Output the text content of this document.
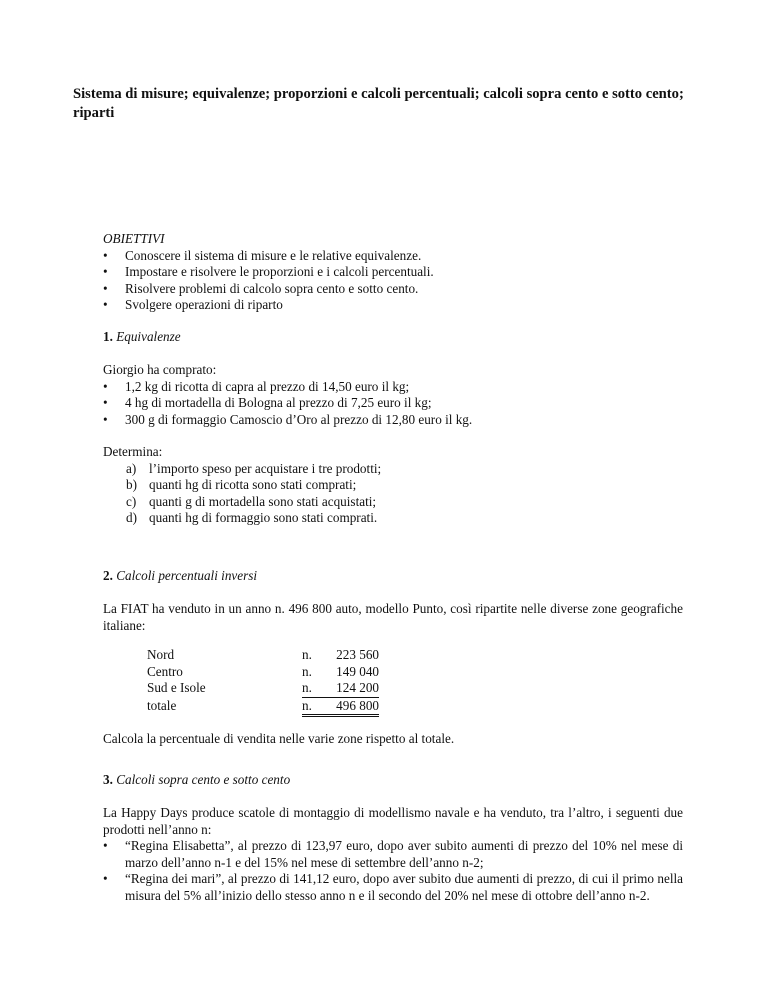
Sistema di misure; equivalenze; proporzioni e calcoli percentuali; calcoli sopra cento e sotto cento; riparti
OBIETTIVI
• Conoscere il sistema di misure e le relative equivalenze.
• Impostare e risolvere le proporzioni e i calcoli percentuali.
• Risolvere problemi di calcolo sopra cento e sotto cento.
• Svolgere operazioni di riparto
1. Equivalenze
Giorgio ha comprato:
• 1,2 kg di ricotta di capra al prezzo di 14,50 euro il kg;
• 4 hg di mortadella di Bologna al prezzo di 7,25 euro il kg;
• 300 g di formaggio Camoscio d’Oro al prezzo di 12,80 euro il kg.
Determina:
a) l’importo speso per acquistare i tre prodotti;
b) quanti hg di ricotta sono stati comprati;
c) quanti g di mortadella sono stati acquistati;
d) quanti hg di formaggio sono stati comprati.
2. Calcoli percentuali inversi
La FIAT ha venduto in un anno n. 496 800 auto, modello Punto, così ripartite nelle diverse zone geografiche italiane:
Nord	n.	223 560
Centro	n.	149 040
Sud e Isole	n.	124 200
totale	n.	496 800
Calcola la percentuale di vendita nelle varie zone rispetto al totale.
3. Calcoli sopra cento e sotto cento
La Happy Days produce scatole di montaggio di modellismo navale e ha venduto, tra l’altro, i seguenti due prodotti nell’anno n:
• “Regina Elisabetta”, al prezzo di 123,97 euro, dopo aver subito aumenti di prezzo del 10% nel mese di marzo dell’anno n-1 e del 15% nel mese di settembre dell’anno n-2;
• “Regina dei mari”, al prezzo di 141,12 euro, dopo aver subito due aumenti di prezzo, di cui il primo nella misura del 5% all’inizio dello stesso anno n e il secondo del 20% nel mese di ottobre dell’anno n-2.
